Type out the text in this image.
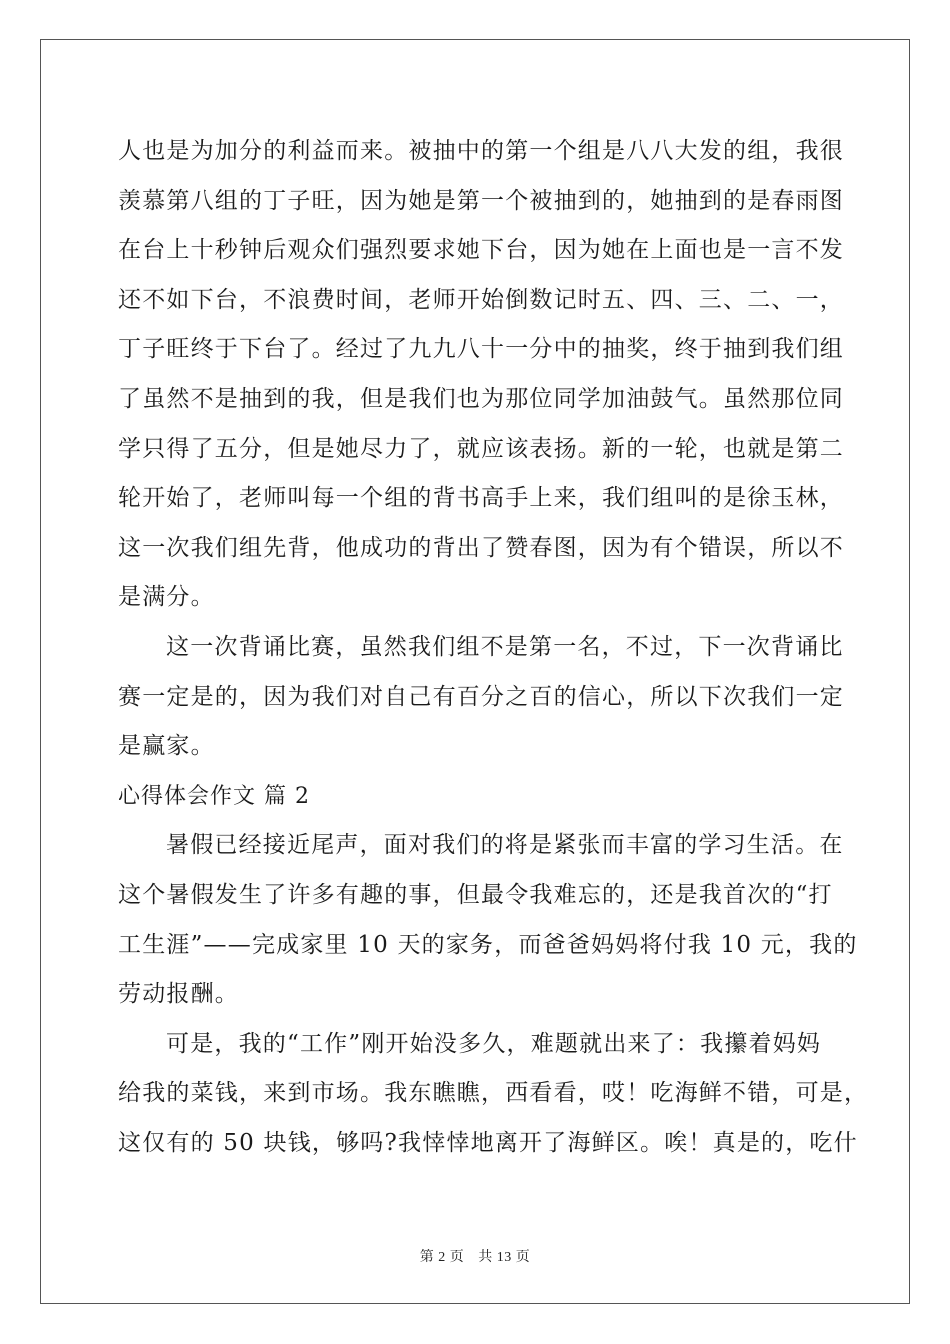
人也是为加分的利益而来。被抽中的第一个组是八八大发的组，我很
羡慕第八组的丁子旺，因为她是第一个被抽到的，她抽到的是春雨图
在台上十秒钟后观众们强烈要求她下台，因为她在上面也是一言不发
还不如下台，不浪费时间，老师开始倒数记时五、四、三、二、一，
丁子旺终于下台了。经过了九九八十一分中的抽奖，终于抽到我们组
了虽然不是抽到的我，但是我们也为那位同学加油鼓气。虽然那位同
学只得了五分，但是她尽力了，就应该表扬。新的一轮，也就是第二
轮开始了，老师叫每一个组的背书高手上来，我们组叫的是徐玉林，
这一次我们组先背，他成功的背出了赞春图，因为有个错误，所以不
是满分。
这一次背诵比赛，虽然我们组不是第一名，不过，下一次背诵比
赛一定是的，因为我们对自己有百分之百的信心，所以下次我们一定
是赢家。
心得体会作文 篇 2
暑假已经接近尾声，面对我们的将是紧张而丰富的学习生活。在
这个暑假发生了许多有趣的事，但最令我难忘的，还是我首次的“打
工生涯”——完成家里 10 天的家务，而爸爸妈妈将付我 10 元，我的
劳动报酬。
可是，我的“工作”刚开始没多久，难题就出来了：我攥着妈妈
给我的菜钱，来到市场。我东瞧瞧，西看看，哎！吃海鲜不错，可是，
这仅有的 50 块钱，够吗?我悻悻地离开了海鲜区。唉！真是的，吃什
第 2 页 共 13 页
